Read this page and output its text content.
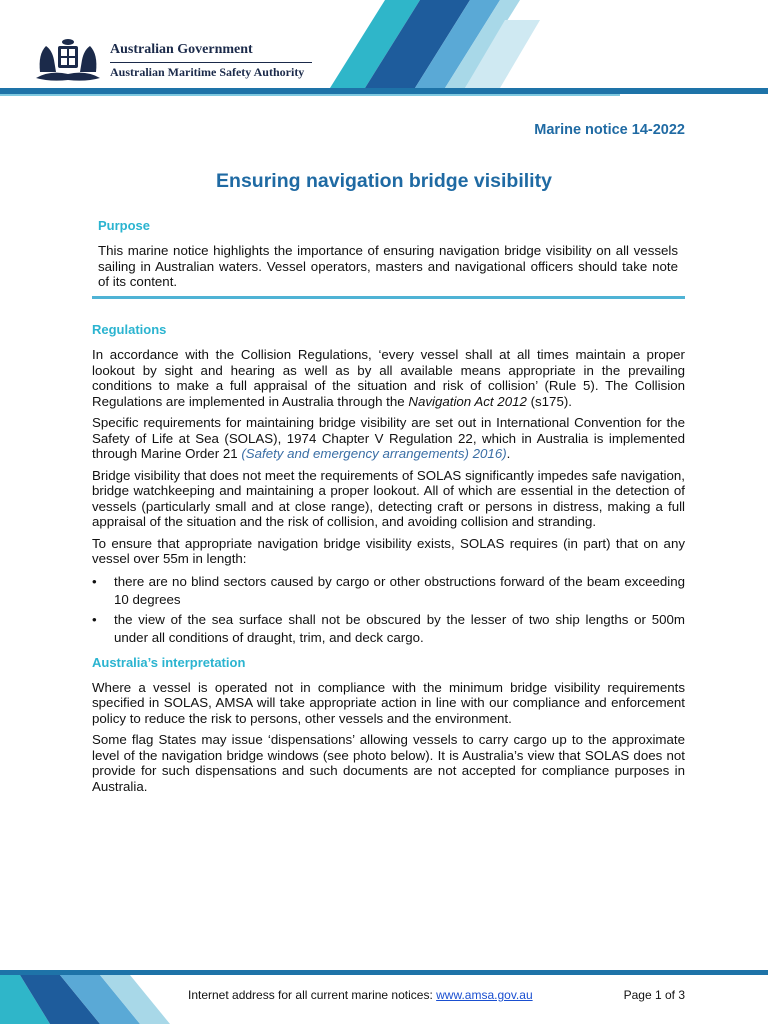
Australian Government
Australian Maritime Safety Authority
Marine notice 14-2022
Ensuring navigation bridge visibility
Purpose

This marine notice highlights the importance of ensuring navigation bridge visibility on all vessels sailing in Australian waters. Vessel operators, masters and navigational officers should take note of its content.

Regulations

In accordance with the Collision Regulations, ‘every vessel shall at all times maintain a proper lookout by sight and hearing as well as by all available means appropriate in the prevailing conditions to make a full appraisal of the situation and risk of collision’ (Rule 5). The Collision Regulations are implemented in Australia through the Navigation Act 2012 (s175).

Specific requirements for maintaining bridge visibility are set out in International Convention for the Safety of Life at Sea (SOLAS), 1974 Chapter V Regulation 22, which in Australia is implemented through Marine Order 21 (Safety and emergency arrangements) 2016).

Bridge visibility that does not meet the requirements of SOLAS significantly impedes safe navigation, bridge watchkeeping and maintaining a proper lookout. All of which are essential in the detection of vessels (particularly small and at close range), detecting craft or persons in distress, making a full appraisal of the situation and the risk of collision, and avoiding collision and stranding.

To ensure that appropriate navigation bridge visibility exists, SOLAS requires (in part) that on any vessel over 55m in length:

• there are no blind sectors caused by cargo or other obstructions forward of the beam exceeding 10 degrees
• the view of the sea surface shall not be obscured by the lesser of two ship lengths or 500m under all conditions of draught, trim, and deck cargo.
Australia’s interpretation

Where a vessel is operated not in compliance with the minimum bridge visibility requirements specified in SOLAS, AMSA will take appropriate action in line with our compliance and enforcement policy to reduce the risk to persons, other vessels and the environment.

Some flag States may issue ‘dispensations’ allowing vessels to carry cargo up to the approximate level of the navigation bridge windows (see photo below). It is Australia’s view that SOLAS does not provide for such dispensations and such documents are not accepted for compliance purposes in Australia.

Internet address for all current marine notices: www.amsa.gov.au	Page 1 of 3
